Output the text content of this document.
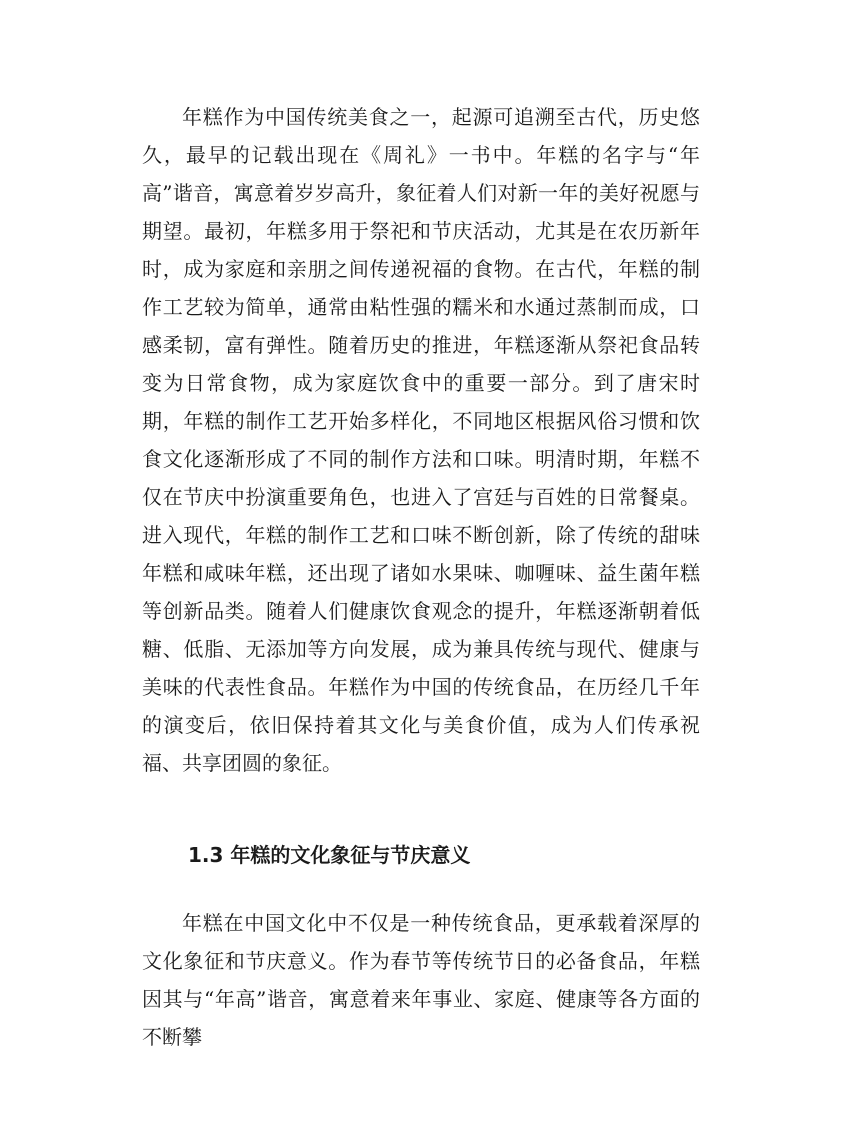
年糕作为中国传统美食之一，起源可追溯至古代，历史悠久，最早的记载出现在《周礼》一书中。年糕的名字与“年高”谐音，寓意着岁岁高升，象征着人们对新一年的美好祝愿与期望。最初，年糕多用于祭祀和节庆活动，尤其是在农历新年时，成为家庭和亲朋之间传递祝福的食物。在古代，年糕的制作工艺较为简单，通常由粘性强的糯米和水通过蒸制而成，口感柔韧，富有弹性。随着历史的推进，年糕逐渐从祭祀食品转变为日常食物，成为家庭饮食中的重要一部分。到了唐宋时期，年糕的制作工艺开始多样化，不同地区根据风俗习惯和饮食文化逐渐形成了不同的制作方法和口味。明清时期，年糕不仅在节庆中扮演重要角色，也进入了宫廷与百姓的日常餐桌。进入现代，年糕的制作工艺和口味不断创新，除了传统的甜味年糕和咸味年糕，还出现了诸如水果味、咖喱味、益生菌年糕等创新品类。随着人们健康饮食观念的提升，年糕逐渐朝着低糖、低脂、无添加等方向发展，成为兼具传统与现代、健康与美味的代表性食品。年糕作为中国的传统食品，在历经几千年的演变后，依旧保持着其文化与美食价值，成为人们传承祝福、共享团圆的象征。

1.3 年糕的文化象征与节庆意义

年糕在中国文化中不仅是一种传统食品，更承载着深厚的文化象征和节庆意义。作为春节等传统节日的必备食品，年糕因其与“年高”谐音，寓意着来年事业、家庭、健康等各方面的不断攀
